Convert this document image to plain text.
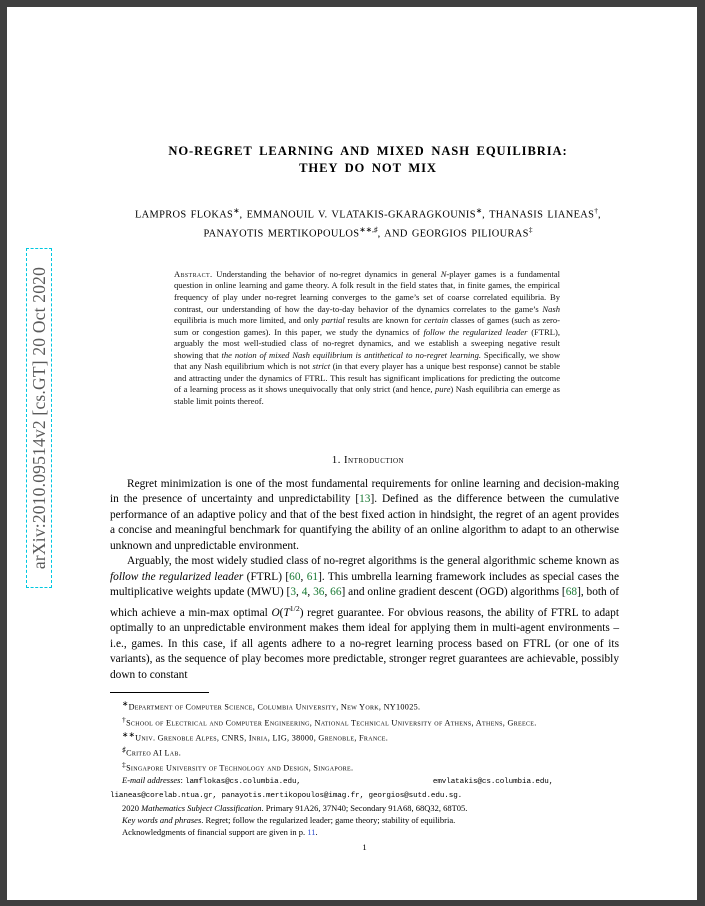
arXiv:2010.09514v2 [cs.GT] 20 Oct 2020
NO-REGRET LEARNING AND MIXED NASH EQUILIBRIA:
THEY DO NOT MIX
LAMPROS FLOKAS∗, EMMANOUIL V. VLATAKIS-GKARAGKOUNIS∗, THANASIS LIANEAS†,
PANAYOTIS MERTIKOPOULOS∗∗,♯, AND GEORGIOS PILIOURAS‡
Abstract. Understanding the behavior of no-regret dynamics in general N-player games is a fundamental question in online learning and game theory. A folk result in the field states that, in finite games, the empirical frequency of play under no-regret learning converges to the game’s set of coarse correlated equilibria. By contrast, our understanding of how the day-to-day behavior of the dynamics correlates to the game’s Nash equilibria is much more limited, and only partial results are known for certain classes of games (such as zero-sum or congestion games). In this paper, we study the dynamics of follow the regularized leader (FTRL), arguably the most well-studied class of no-regret dynamics, and we establish a sweeping negative result showing that the notion of mixed Nash equilibrium is antithetical to no-regret learning. Specifically, we show that any Nash equilibrium which is not strict (in that every player has a unique best response) cannot be stable and attracting under the dynamics of FTRL. This result has significant implications for predicting the outcome of a learning process as it shows unequivocally that only strict (and hence, pure) Nash equilibria can emerge as stable limit points thereof.
1. Introduction

Regret minimization is one of the most fundamental requirements for online learning and decision-making in the presence of uncertainty and unpredictability [13]. Defined as the difference between the cumulative performance of an adaptive policy and that of the best fixed action in hindsight, the regret of an agent provides a concise and meaningful benchmark for quantifying the ability of an online algorithm to adapt to an otherwise unknown and unpredictable environment.

Arguably, the most widely studied class of no-regret algorithms is the general algorithmic scheme known as follow the regularized leader (FTRL) [60, 61]. This umbrella learning framework includes as special cases the multiplicative weights update (MWU) [3, 4, 36, 66] and online gradient descent (OGD) algorithms [68], both of which achieve a min-max optimal $O(T^{1/2})$ regret guarantee. For obvious reasons, the ability of FTRL to adapt optimally to an unpredictable environment makes them ideal for applying them in multi-agent environments – i.e., games. In this case, if all agents adhere to a no-regret learning process based on FTRL (or one of its variants), as the sequence of play becomes more predictable, stronger regret guarantees are achievable, possibly down to constant

∗Department of Computer Science, Columbia University, New York, NY10025.

†School of Electrical and Computer Engineering, National Technical University of Athens, Athens, Greece.

∗∗Univ. Grenoble Alpes, CNRS, Inria, LIG, 38000, Grenoble, France.

♯Criteo AI Lab.

‡Singapore University of Technology and Design, Singapore.

E-mail addresses: lamflokas@cs.columbia.edu,	emvlatakis@cs.columbia.edu,
lianeas@corelab.ntua.gr, panayotis.mertikopoulos@imag.fr, georgios@sutd.edu.sg.

2020 Mathematics Subject Classification. Primary 91A26, 37N40; Secondary 91A68, 68Q32, 68T05.

Key words and phrases. Regret; follow the regularized leader; game theory; stability of equilibria.

Acknowledgments of financial support are given in p. 11.

1
